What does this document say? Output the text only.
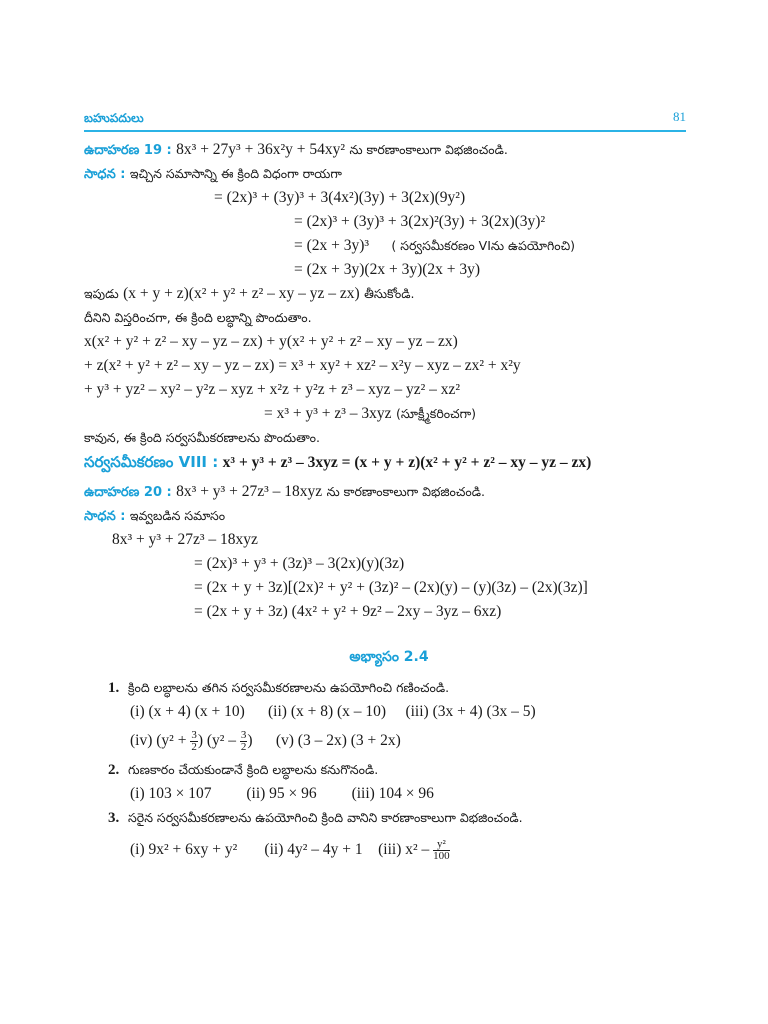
బహుపదులు	81
ఉదాహరణ 19 : 8x³ + 27y³ + 36x²y + 54xy² ను కారణాంకాలుగా విభజించండి.
సాధన : ఇచ్చిన సమాసాన్ని ఈ క్రింది విధంగా రాయగా
= (2x)³ + (3y)³ + 3(4x²)(3y) + 3(2x)(9y²)
= (2x)³ + (3y)³ + 3(2x)²(3y) + 3(2x)(3y)²
= (2x + 3y)³ ( సర్వసమీకరణం VIను ఉపయోగించి)
= (2x + 3y)(2x + 3y)(2x + 3y)
ఇపుడు (x + y + z)(x² + y² + z² – xy – yz – zx) తీసుకోండి.
దీనిని విస్తరించగా, ఈ క్రింది లబ్ధాన్ని పొందుతాం.
x(x² + y² + z² – xy – yz – zx) + y(x² + y² + z² – xy – yz – zx)
+ z(x² + y² + z² – xy – yz – zx) = x³ + xy² + xz² – x²y – xyz – zx² + x²y
+ y³ + yz² – xy² – y²z – xyz + x²z + y²z + z³ – xyz – yz² – xz²
= x³ + y³ + z³ – 3xyz (సూక్ష్మీకరించగా)
కావున, ఈ క్రింది సర్వసమీకరణాలను పొందుతాం.
సర్వసమీకరణం VIII : x³ + y³ + z³ – 3xyz = (x + y + z)(x² + y² + z² – xy – yz – zx)
ఉదాహరణ 20 : 8x³ + y³ + 27z³ – 18xyz ను కారణాంకాలుగా విభజించండి.
సాధన : ఇవ్వబడిన సమాసం
8x³ + y³ + 27z³ – 18xyz
= (2x)³ + y³ + (3z)³ – 3(2x)(y)(3z)
= (2x + y + 3z)[(2x)² + y² + (3z)² – (2x)(y) – (y)(3z) – (2x)(3z)]
= (2x + y + 3z) (4x² + y² + 9z² – 2xy – 3yz – 6xz)
అభ్యాసం 2.4
1. క్రింది లబ్ధాలను తగిన సర్వసమీకరణాలను ఉపయోగించి గణించండి.
(i) (x + 4) (x + 10) (ii) (x + 8) (x – 10) (iii) (3x + 4) (3x – 5)
(iv) ($y^2 + \frac{3}{2}$ ) ($y^2 - \frac{3}{2}$ ) (v) (3 – 2x) (3 + 2x)
2. గుణకారం చేయకుండానే క్రింది లబ్ధాలను కనుగొనండి.
(i) 103 × 107 (ii) 95 × 96 (iii) 104 × 96
3. సరైన సర్వసమీకరణాలను ఉపయోగించి క్రింది వానిని కారణాంకాలుగా విభజించండి.
(i) 9x² + 6xy + y² (ii) 4y² – 4y + 1 (iii) $x^2 - \frac{\text{y²}}{100}$
